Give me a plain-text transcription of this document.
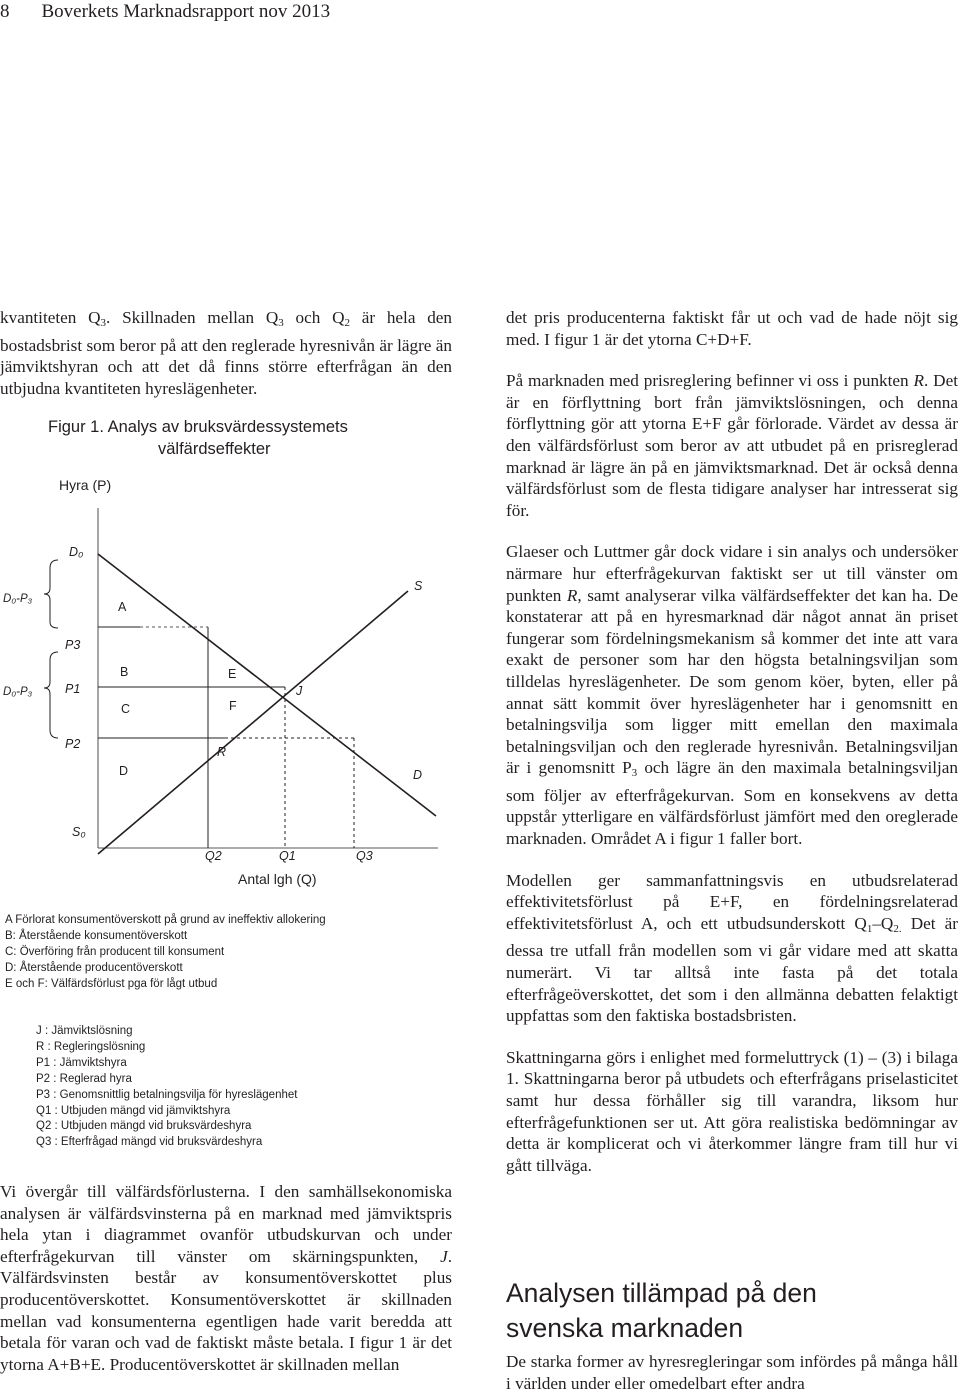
8 Boverkets Marknadsrapport nov 2013

kvantiteten Q3. Skillnaden mellan Q3 och Q2 är hela den bostadsbrist som beror på att den reglerade hyresnivån är lägre än jämviktshyran och att det då finns större efterfrågan än den utbjudna kvantiteten hyreslägenheter.

Figur 1. Analys av bruksvärdessystemets
välfärdseffekter
Hyra (P)
D₀
D₀-P₃
D₀-P₃
P3
P1
P2
S₀
A
B
C
D
E
F
R
J
S
D
Q2	Q1	Q3
Antal lgh (Q)
A Förlorat konsumentöverskott på grund av ineffektiv allokering
B: Återstående konsumentöverskott
C: Överföring från producent till konsument
D: Återstående producentöverskott
E och F: Välfärdsförlust pga för lågt utbud
J : Jämviktslösning
R : Regleringslösning
P1 : Jämviktshyra
P2 : Reglerad hyra
P3 : Genomsnittlig betalningsvilja för hyreslägenhet
Q1 : Utbjuden mängd vid jämviktshyra
Q2 : Utbjuden mängd vid bruksvärdeshyra
Q3 : Efterfrågad mängd vid bruksvärdeshyra

Vi övergår till välfärdsförlusterna. I den samhällsekonomiska analysen är välfärdsvinsterna på en marknad med jämviktspris hela ytan i diagrammet ovanför utbudskurvan och under efterfrågekurvan till vänster om skärningspunkten, J. Välfärdsvinsten består av konsumentöverskottet plus producentöverskottet. Konsumentöverskottet är skillnaden mellan vad konsumenterna egentligen hade varit beredda att betala för varan och vad de faktiskt måste betala. I figur 1 är det ytorna A+B+E. Producentöverskottet är skillnaden mellan

det pris producenterna faktiskt får ut och vad de hade nöjt sig med. I figur 1 är det ytorna C+D+F.

På marknaden med prisreglering befinner vi oss i punkten R. Det är en förflyttning bort från jämviktslösningen, och denna förflyttning gör att ytorna E+F går förlorade. Värdet av dessa är den välfärdsförlust som beror av att utbudet på en prisreglerad marknad är lägre än på en jämviktsmarknad. Det är också denna välfärdsförlust som de flesta tidigare analyser har intresserat sig för.

Glaeser och Luttmer går dock vidare i sin analys och undersöker närmare hur efterfrågekurvan faktiskt ser ut till vänster om punkten R, samt analyserar vilka välfärdseffekter det kan ha. De konstaterar att på en hyresmarknad där något annat än priset fungerar som fördelningsmekanism så kommer det inte att vara exakt de personer som har den högsta betalningsviljan som tilldelas hyreslägenheter. De som genom köer, byten, eller på annat sätt kommit över hyreslägenheter har i genomsnitt en betalningsvilja som ligger mitt emellan den maximala betalningsviljan och den reglerade hyresnivån. Betalningsviljan är i genomsnitt P3 och lägre än den maximala betalningsviljan som följer av efterfrågekurvan. Som en konsekvens av detta uppstår ytterligare en välfärdsförlust jämfört med den oreglerade marknaden. Området A i figur 1 faller bort.

Modellen ger sammanfattningsvis en utbudsrelaterad effektivitetsförlust på E+F, en fördelningsrelaterad effektivitetsförlust A, och ett utbudsunderskott Q1–Q2. Det är dessa tre utfall från modellen som vi går vidare med att skatta numerärt. Vi tar alltså inte fasta på det totala efterfrågeöverskottet, det som i den allmänna debatten felaktigt uppfattas som den faktiska bostadsbristen.

Skattningarna görs i enlighet med formeluttryck (1) – (3) i bilaga 1. Skattningarna beror på utbudets och efterfrågans priselasticitet samt hur dessa förhåller sig till varandra, liksom hur efterfrågefunktionen ser ut. Att göra realistiska bedömningar av detta är komplicerat och vi återkommer längre fram till hur vi gått tillväga.

Analysen tillämpad på den
svenska marknaden

De starka former av hyresregleringar som infördes på många håll i världen under eller omedelbart efter andra
